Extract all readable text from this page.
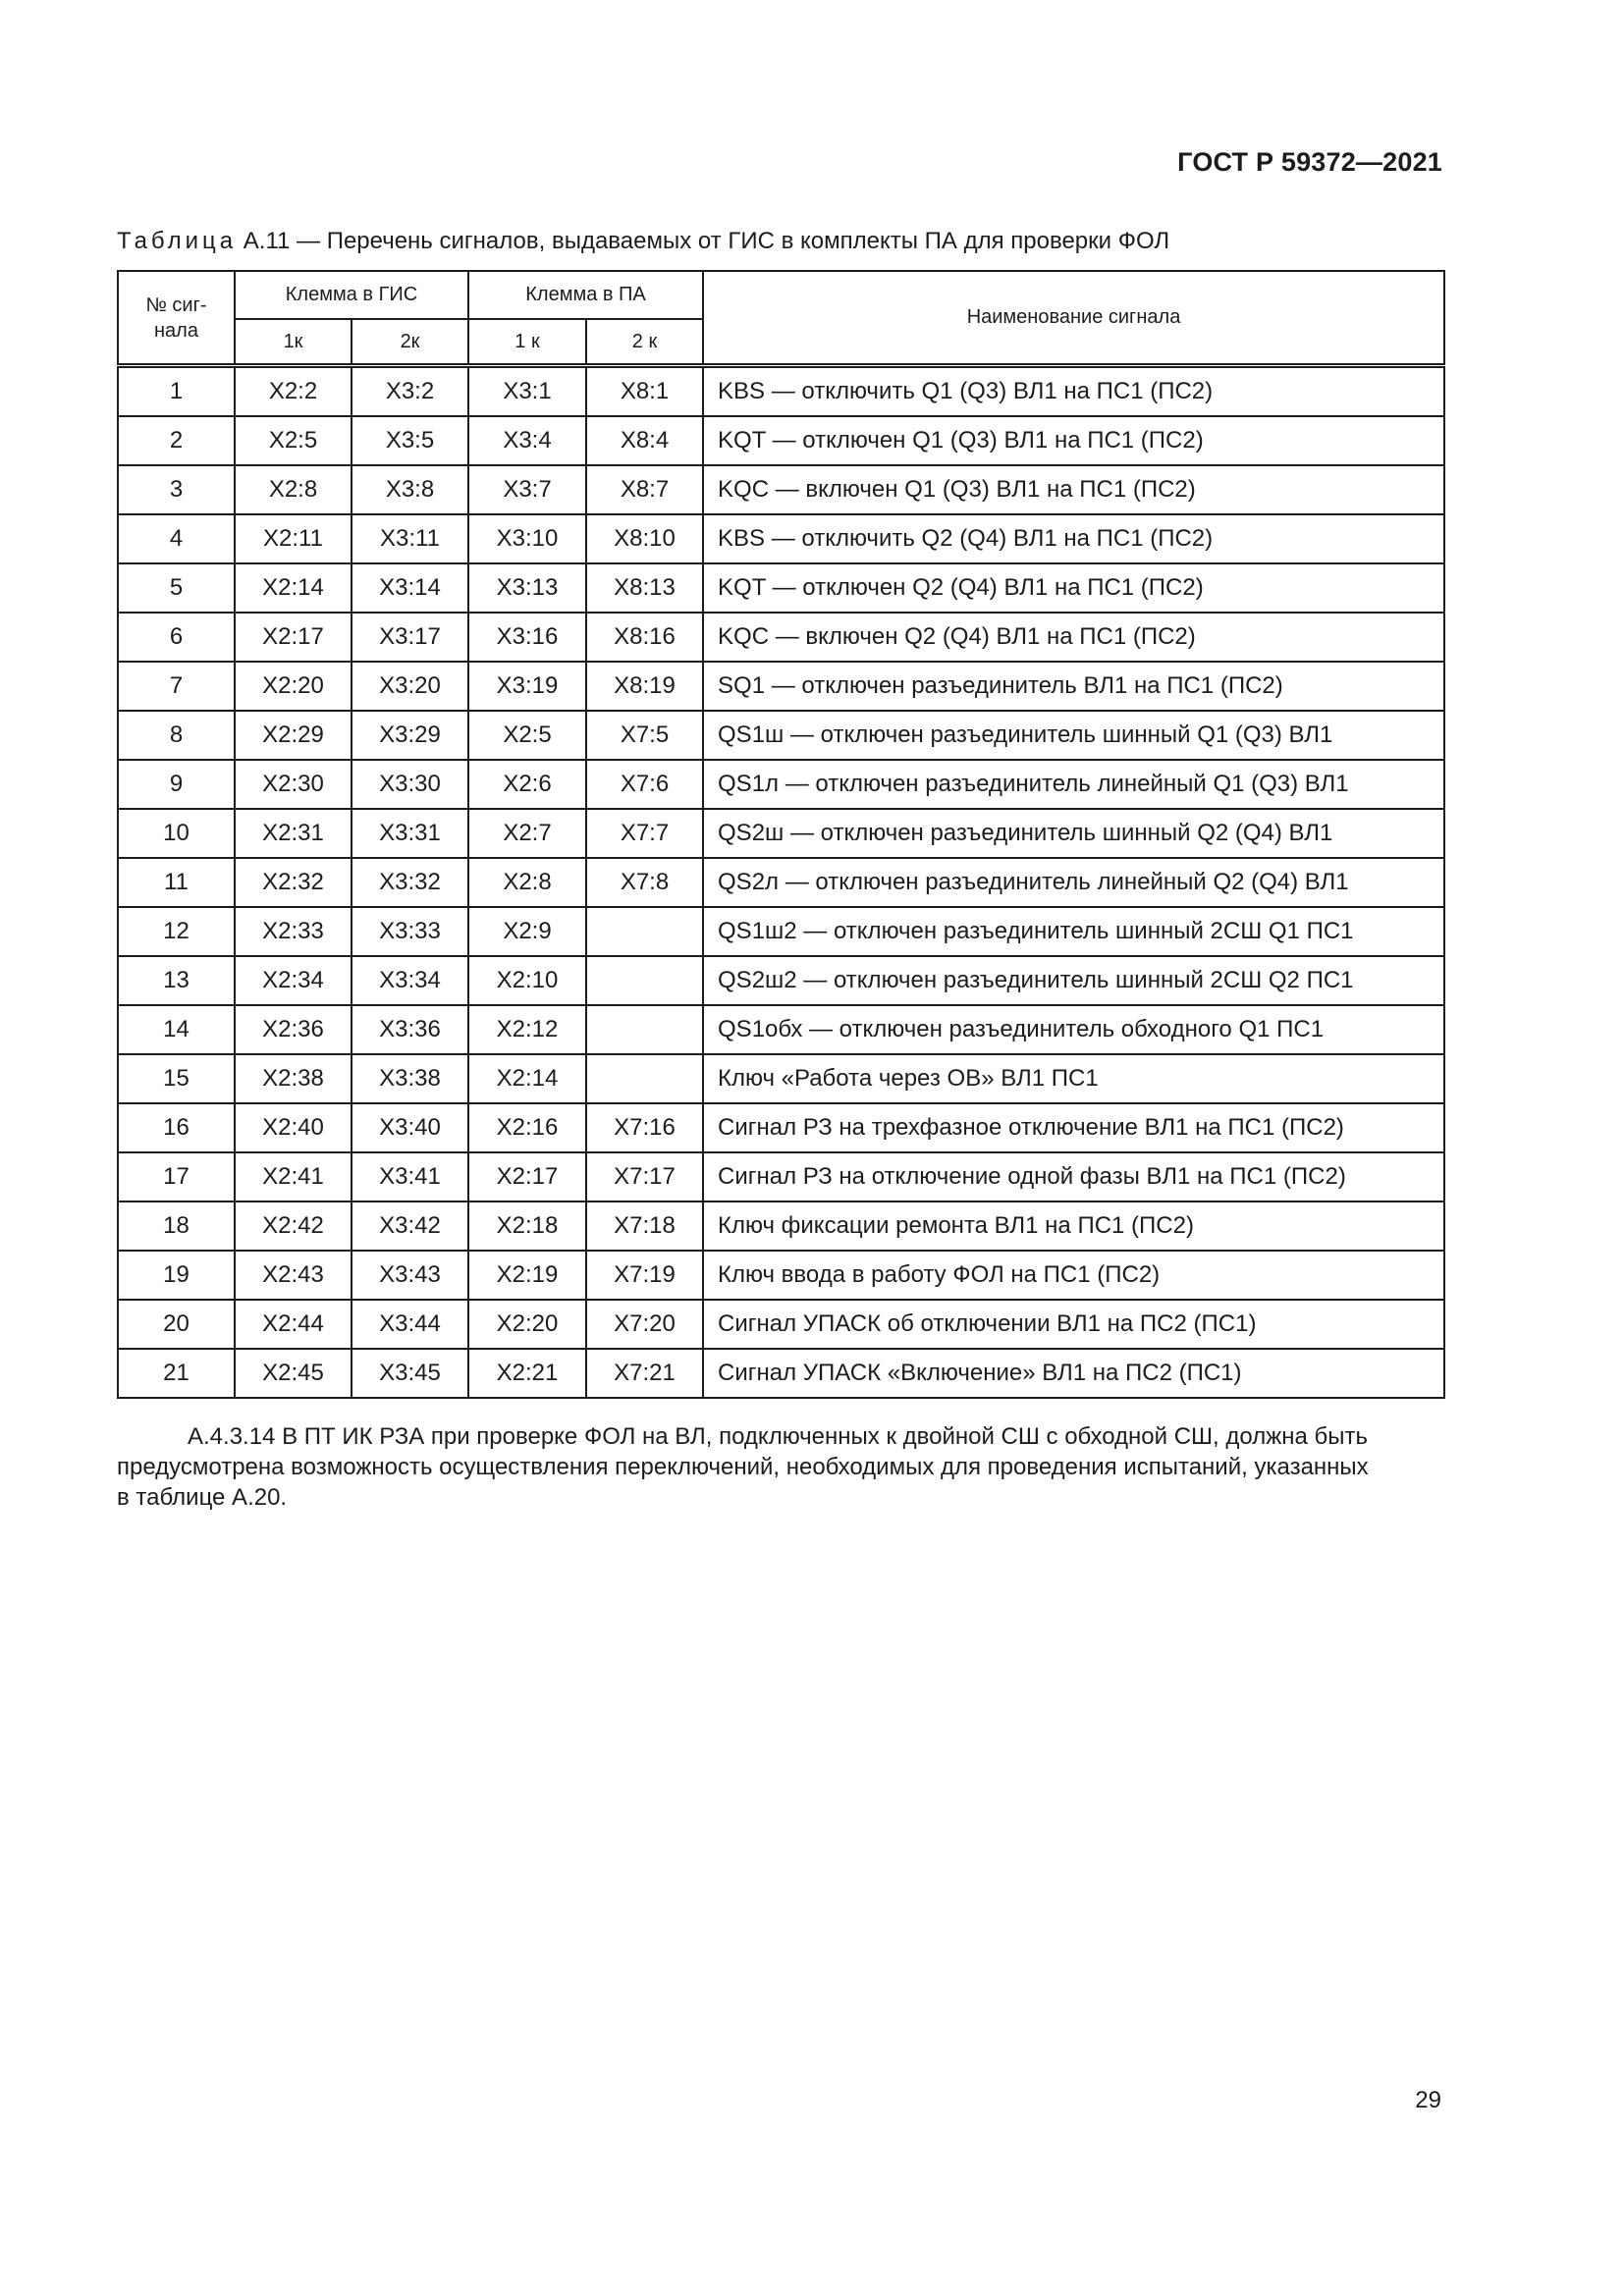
ГОСТ Р 59372—2021
Таблица А.11 — Перечень сигналов, выдаваемых от ГИС в комплекты ПА для проверки ФОЛ
№ сиг-
нала	Клемма в ГИС		Клемма в ПА		Наименование сигнала
	1к	2к	1 к	2 к	
1	X2:2	X3:2	X3:1	X8:1	KBS — отключить Q1 (Q3) ВЛ1 на ПС1 (ПС2)
2	X2:5	X3:5	X3:4	X8:4	KQT — отключен Q1 (Q3) ВЛ1 на ПС1 (ПС2)
3	X2:8	X3:8	X3:7	X8:7	KQC — включен Q1 (Q3) ВЛ1 на ПС1 (ПС2)
4	X2:11	X3:11	X3:10	X8:10	KBS — отключить Q2 (Q4) ВЛ1 на ПС1 (ПС2)
5	X2:14	X3:14	X3:13	X8:13	KQT — отключен Q2 (Q4) ВЛ1 на ПС1 (ПС2)
6	X2:17	X3:17	X3:16	X8:16	KQC — включен Q2 (Q4) ВЛ1 на ПС1 (ПС2)
7	X2:20	X3:20	X3:19	X8:19	SQ1 — отключен разъединитель ВЛ1 на ПС1 (ПС2)
8	X2:29	X3:29	X2:5	X7:5	QS1ш — отключен разъединитель шинный Q1 (Q3) ВЛ1
9	X2:30	X3:30	X2:6	X7:6	QS1л — отключен разъединитель линейный Q1 (Q3) ВЛ1
10	X2:31	X3:31	X2:7	X7:7	QS2ш — отключен разъединитель шинный Q2 (Q4) ВЛ1
11	X2:32	X3:32	X2:8	X7:8	QS2л — отключен разъединитель линейный Q2 (Q4) ВЛ1
12	X2:33	X3:33	X2:9		QS1ш2 — отключен разъединитель шинный 2СШ Q1 ПС1
13	X2:34	X3:34	X2:10		QS2ш2 — отключен разъединитель шинный 2СШ Q2 ПС1
14	X2:36	X3:36	X2:12		QS1обх — отключен разъединитель обходного Q1 ПС1
15	X2:38	X3:38	X2:14		Ключ «Работа через ОВ» ВЛ1 ПС1
16	X2:40	X3:40	X2:16	X7:16	Сигнал РЗ на трехфазное отключение ВЛ1 на ПС1 (ПС2)
17	X2:41	X3:41	X2:17	X7:17	Сигнал РЗ на отключение одной фазы ВЛ1 на ПС1 (ПС2)
18	X2:42	X3:42	X2:18	X7:18	Ключ фиксации ремонта ВЛ1 на ПС1 (ПС2)
19	X2:43	X3:43	X2:19	X7:19	Ключ ввода в работу ФОЛ на ПС1 (ПС2)
20	X2:44	X3:44	X2:20	X7:20	Сигнал УПАСК об отключении ВЛ1 на ПС2 (ПС1)
21	X2:45	X3:45	X2:21	X7:21	Сигнал УПАСК «Включение» ВЛ1 на ПС2 (ПС1)
А.4.3.14 В ПТ ИК РЗА при проверке ФОЛ на ВЛ, подключенных к двойной СШ с обходной СШ, должна быть
предусмотрена возможность осуществления переключений, необходимых для проведения испытаний, указанных
в таблице А.20.
29
